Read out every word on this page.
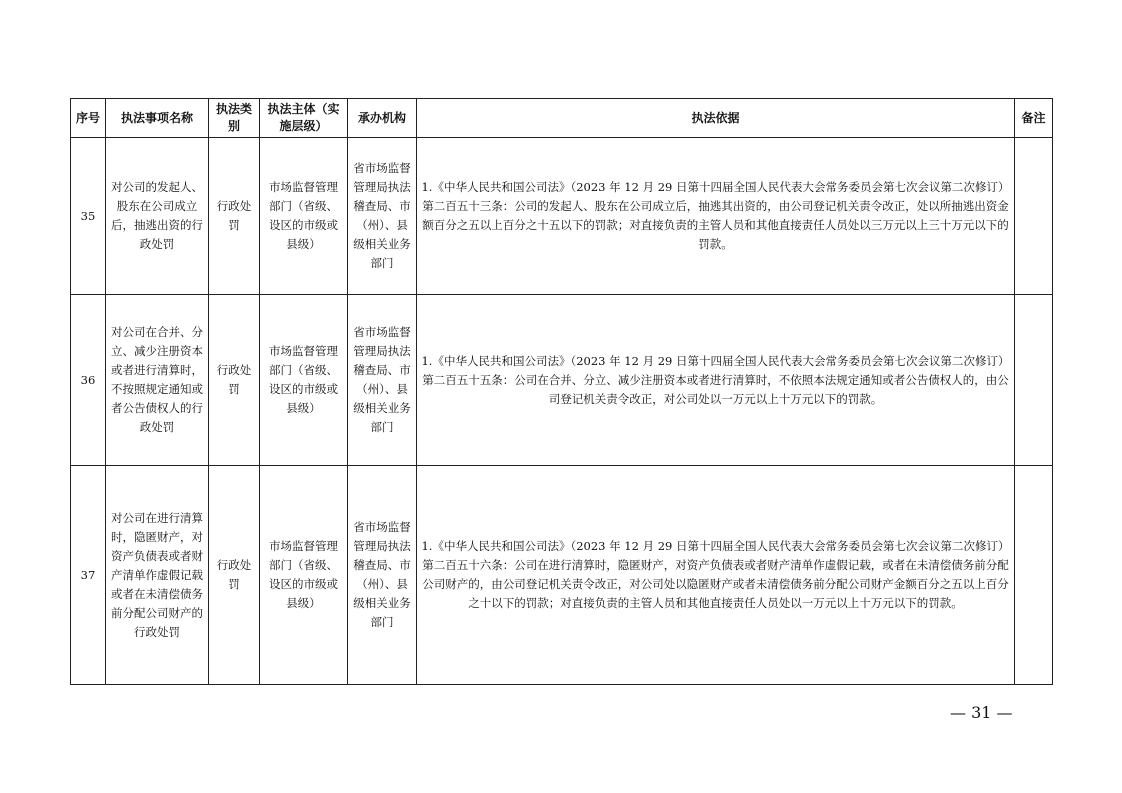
序号	执法事项名称	执法类别	执法主体（实施层级）	承办机构	执法依据	备注
35	对公司的发起人、股东在公司成立后，抽逃出资的行政处罚	行政处罚	市场监督管理部门（省级、设区的市级或县级）	省市场监督管理局执法稽查局、市（州）、县级相关业务部门	1.《中华人民共和国公司法》（2023 年 12 月 29 日第十四届全国人民代表大会常务委员会第七次会议第二次修订）第二百五十三条：公司的发起人、股东在公司成立后，抽逃其出资的，由公司登记机关责令改正，处以所抽逃出资金额百分之五以上百分之十五以下的罚款；对直接负责的主管人员和其他直接责任人员处以三万元以上三十万元以下的罚款。	
36	对公司在合并、分立、减少注册资本或者进行清算时，不按照规定通知或者公告债权人的行政处罚	行政处罚	市场监督管理部门（省级、设区的市级或县级）	省市场监督管理局执法稽查局、市（州）、县级相关业务部门	1.《中华人民共和国公司法》（2023 年 12 月 29 日第十四届全国人民代表大会常务委员会第七次会议第二次修订）第二百五十五条：公司在合并、分立、减少注册资本或者进行清算时，不依照本法规定通知或者公告债权人的，由公司登记机关责令改正，对公司处以一万元以上十万元以下的罚款。	
37	对公司在进行清算时，隐匿财产，对资产负债表或者财产清单作虚假记载或者在未清偿债务前分配公司财产的行政处罚	行政处罚	市场监督管理部门（省级、设区的市级或县级）	省市场监督管理局执法稽查局、市（州）、县级相关业务部门	1.《中华人民共和国公司法》（2023 年 12 月 29 日第十四届全国人民代表大会常务委员会第七次会议第二次修订）第二百五十六条：公司在进行清算时，隐匿财产，对资产负债表或者财产清单作虚假记载，或者在未清偿债务前分配公司财产的，由公司登记机关责令改正，对公司处以隐匿财产或者未清偿债务前分配公司财产金额百分之五以上百分之十以下的罚款；对直接负责的主管人员和其他直接责任人员处以一万元以上十万元以下的罚款。	
— 31 —
